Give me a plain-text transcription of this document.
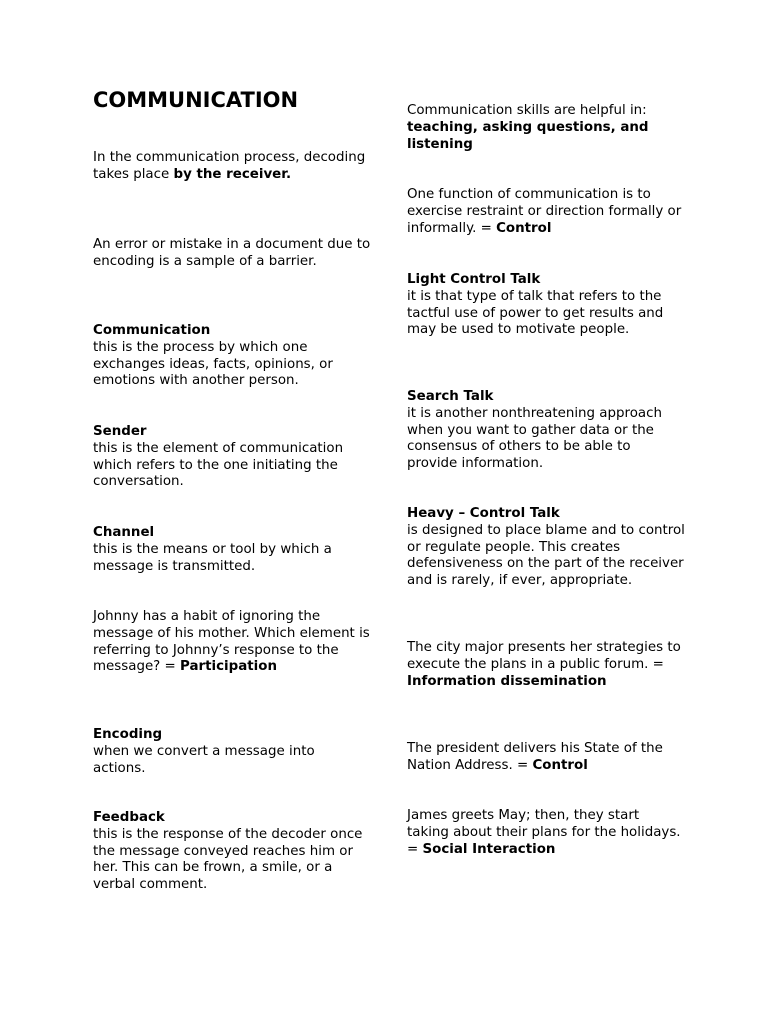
COMMUNICATION

In the communication process, decoding takes place by the receiver.

An error or mistake in a document due to encoding is a sample of a barrier.

Communication
this is the process by which one exchanges ideas, facts, opinions, or emotions with another person.

Sender
this is the element of communication which refers to the one initiating the conversation.

Channel
this is the means or tool by which a message is transmitted.

Johnny has a habit of ignoring the message of his mother. Which element is referring to Johnny’s response to the message? = Participation

Encoding
when we convert a message into actions.

Feedback
this is the response of the decoder once the message conveyed reaches him or her. This can be frown, a smile, or a verbal comment.

Communication skills are helpful in:
teaching, asking questions, and listening

One function of communication is to exercise restraint or direction formally or informally. = Control

Light Control Talk
it is that type of talk that refers to the tactful use of power to get results and may be used to motivate people.

Search Talk
it is another nonthreatening approach when you want to gather data or the consensus of others to be able to provide information.

Heavy – Control Talk
is designed to place blame and to control or regulate people. This creates defensiveness on the part of the receiver and is rarely, if ever, appropriate.

The city major presents her strategies to execute the plans in a public forum. = Information dissemination

The president delivers his State of the Nation Address. = Control

James greets May; then, they start taking about their plans for the holidays. = Social Interaction
